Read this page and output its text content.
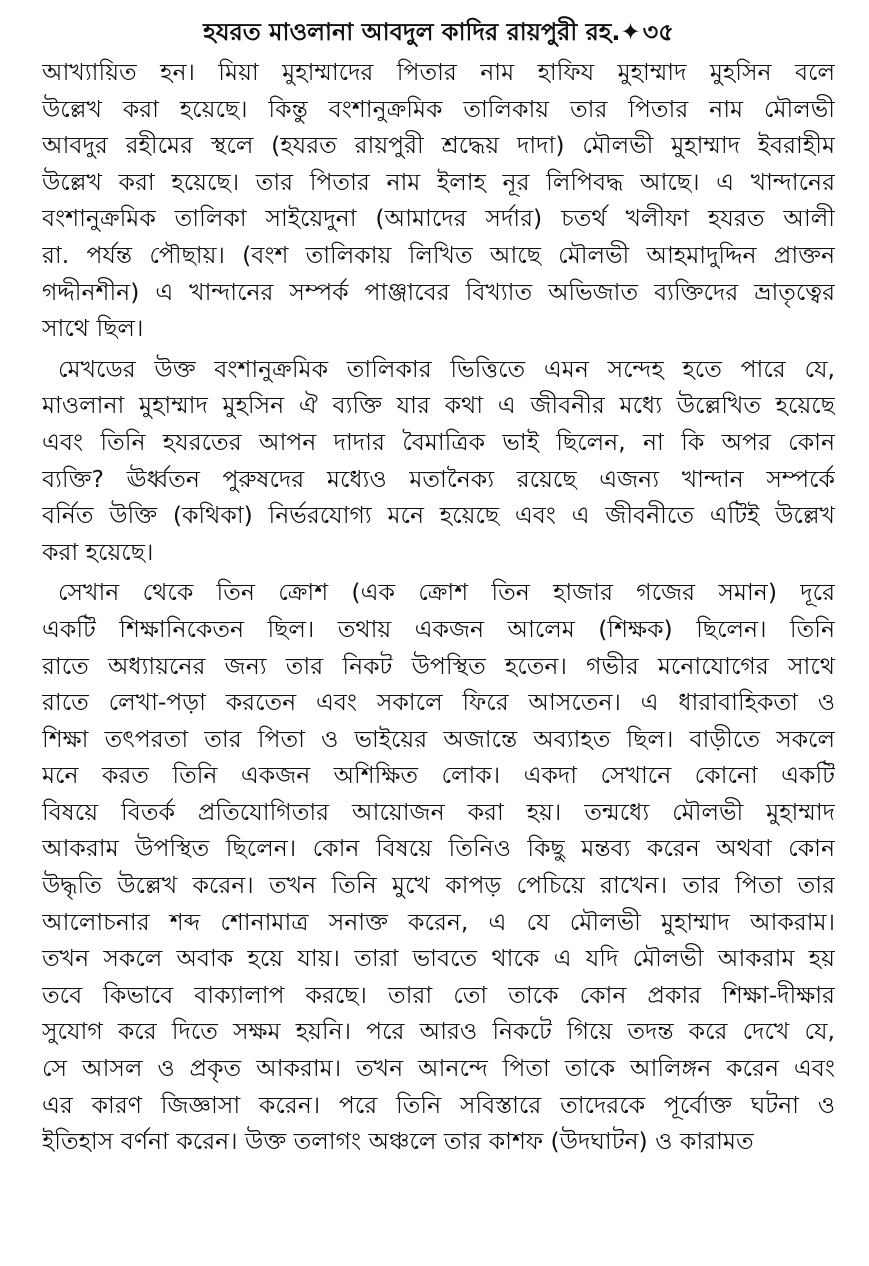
হযরত মাওলানা আবদুল কাদির রায়পুরী রহ.✦৩৫
আখ্যায়িত হন। মিয়া মুহাম্মাদের পিতার নাম হাফিয মুহাম্মাদ মুহসিন বলে
উল্লেখ করা হয়েছে। কিন্তু বংশানুক্রমিক তালিকায় তার পিতার নাম মৌলভী
আবদুর রহীমের স্থলে (হযরত রায়পুরী শ্রদ্ধেয় দাদা) মৌলভী মুহাম্মাদ ইবরাহীম
উল্লেখ করা হয়েছে। তার পিতার নাম ইলাহ নূর লিপিবদ্ধ আছে। এ খান্দানের
বংশানুক্রমিক তালিকা সাইয়েদুনা (আমাদের সর্দার) চতর্থ খলীফা হযরত আলী
রা. পর্যন্ত পৌছায়। (বংশ তালিকায় লিখিত আছে মৌলভী আহমাদুদ্দিন প্রাক্তন
গদ্দীনশীন) এ খান্দানের সম্পর্ক পাঞ্জাবের বিখ্যাত অভিজাত ব্যক্তিদের ভ্রাতৃত্বের
সাথে ছিল।
মেখডের উক্ত বংশানুক্রমিক তালিকার ভিত্তিতে এমন সন্দেহ হতে পারে যে,
মাওলানা মুহাম্মাদ মুহসিন ঐ ব্যক্তি যার কথা এ জীবনীর মধ্যে উল্লেখিত হয়েছে
এবং তিনি হযরতের আপন দাদার বৈমাত্রিক ভাই ছিলেন, না কি অপর কোন
ব্যক্তি? ঊর্ধ্বতন পুরুষদের মধ্যেও মতানৈক্য রয়েছে এজন্য খান্দান সম্পর্কে
বর্নিত উক্তি (কথিকা) নির্ভরযোগ্য মনে হয়েছে এবং এ জীবনীতে এটিই উল্লেখ
করা হয়েছে।
সেখান থেকে তিন ক্রোশ (এক ক্রোশ তিন হাজার গজের সমান) দূরে
একটি শিক্ষানিকেতন ছিল। তথায় একজন আলেম (শিক্ষক) ছিলেন। তিনি
রাতে অধ্যায়নের জন্য তার নিকট উপস্থিত হতেন। গভীর মনোযোগের সাথে
রাতে লেখা-পড়া করতেন এবং সকালে ফিরে আসতেন। এ ধারাবাহিকতা ও
শিক্ষা তৎপরতা তার পিতা ও ভাইয়ের অজান্তে অব্যাহত ছিল। বাড়ীতে সকলে
মনে করত তিনি একজন অশিক্ষিত লোক। একদা সেখানে কোনো একটি
বিষয়ে বিতর্ক প্রতিযোগিতার আয়োজন করা হয়। তন্মধ্যে মৌলভী মুহাম্মাদ
আকরাম উপস্থিত ছিলেন। কোন বিষয়ে তিনিও কিছু মন্তব্য করেন অথবা কোন
উদ্ধৃতি উল্লেখ করেন। তখন তিনি মুখে কাপড় পেচিয়ে রাখেন। তার পিতা তার
আলোচনার শব্দ শোনামাত্র সনাক্ত করেন, এ যে মৌলভী মুহাম্মাদ আকরাম।
তখন সকলে অবাক হয়ে যায়। তারা ভাবতে থাকে এ যদি মৌলভী আকরাম হয়
তবে কিভাবে বাক্যালাপ করছে। তারা তো তাকে কোন প্রকার শিক্ষা-দীক্ষার
সুযোগ করে দিতে সক্ষম হয়নি। পরে আরও নিকটে গিয়ে তদন্ত করে দেখে যে,
সে আসল ও প্রকৃত আকরাম। তখন আনন্দে পিতা তাকে আলিঙ্গন করেন এবং
এর কারণ জিজ্ঞাসা করেন। পরে তিনি সবিস্তারে তাদেরকে পূর্বোক্ত ঘটনা ও
ইতিহাস বর্ণনা করেন। উক্ত তলাগং অঞ্চলে তার কাশফ (উদঘাটন) ও কারামত
